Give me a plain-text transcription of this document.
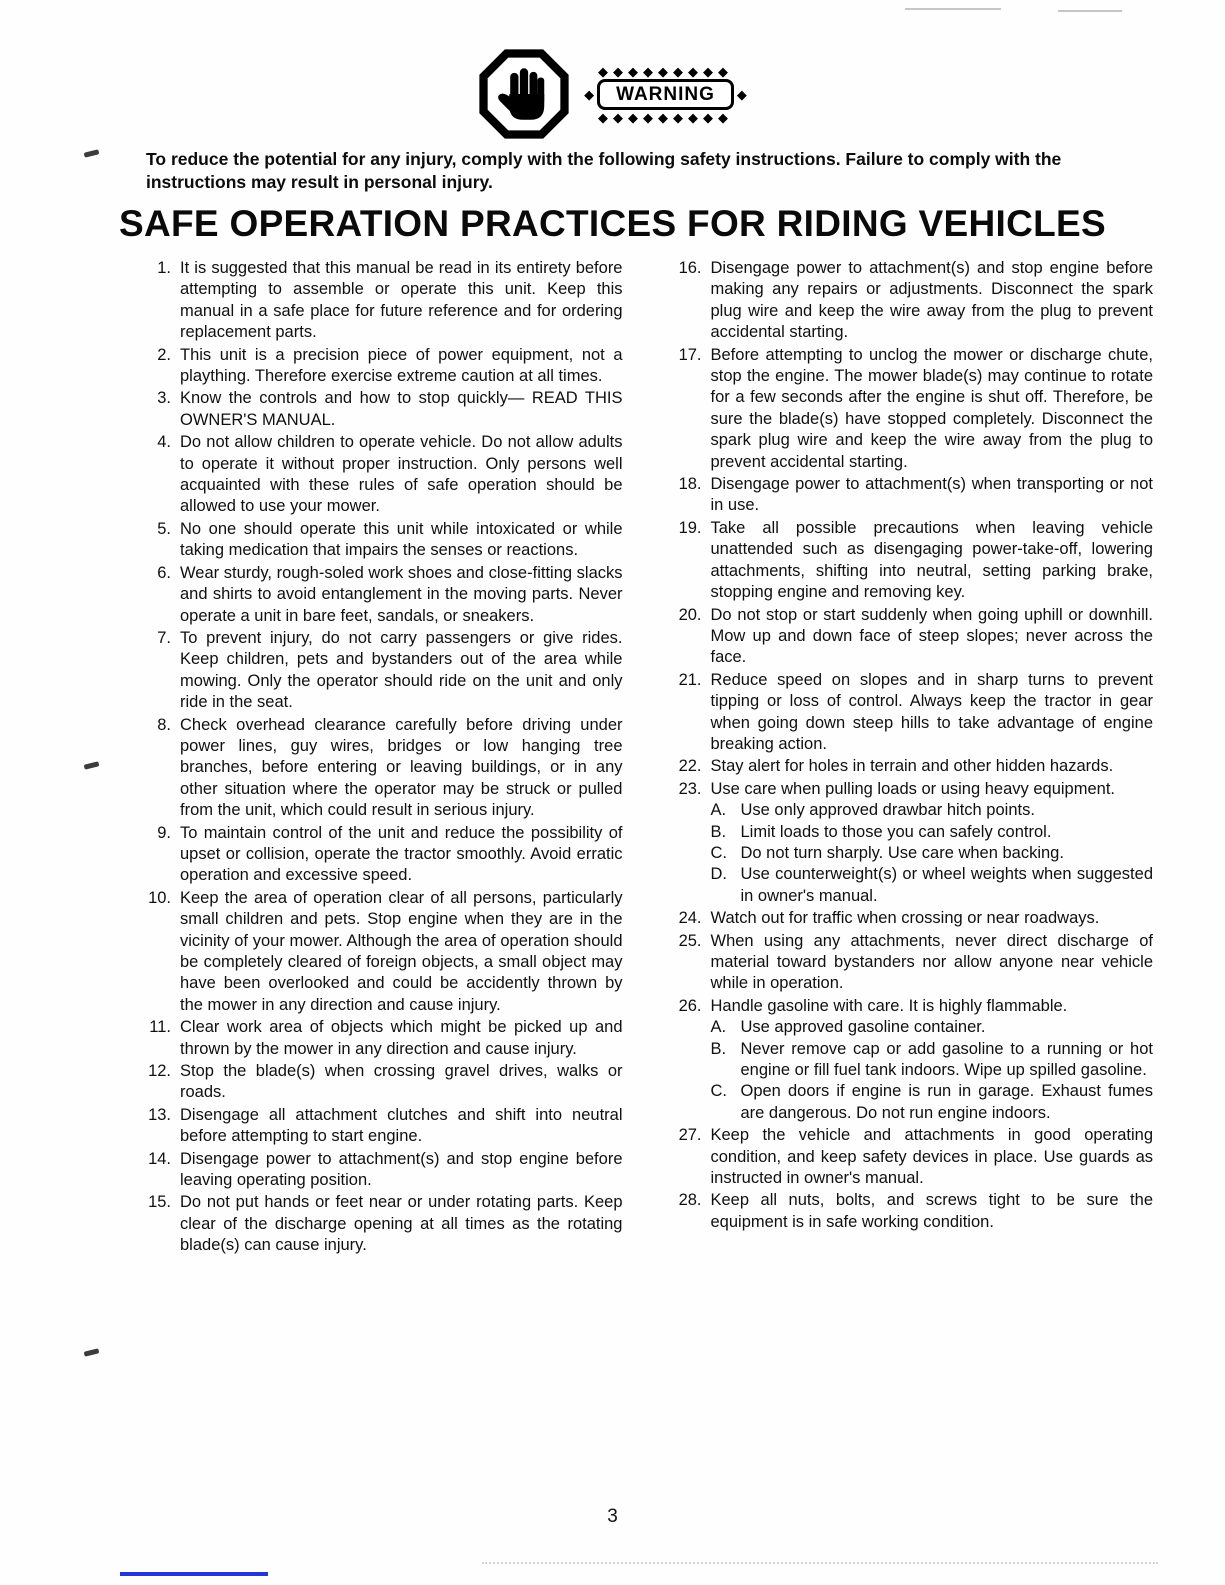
◆◆◆◆◆◆◆◆◆
◆	WARNING	◆
◆◆◆◆◆◆◆◆◆

To reduce the potential for any injury, comply with the following safety instructions. Failure to comply with the instructions may result in personal injury.

SAFE OPERATION PRACTICES FOR RIDING VEHICLES
1. It is suggested that this manual be read in its entirety before attempting to assemble or operate this unit. Keep this manual in a safe place for future reference and for ordering replacement parts.
2. This unit is a precision piece of power equipment, not a plaything. Therefore exercise extreme caution at all times.
3. Know the controls and how to stop quickly— READ THIS OWNER'S MANUAL.
4. Do not allow children to operate vehicle. Do not allow adults to operate it without proper instruction. Only persons well acquainted with these rules of safe operation should be allowed to use your mower.
5. No one should operate this unit while intoxicated or while taking medication that impairs the senses or reactions.
6. Wear sturdy, rough-soled work shoes and close-fitting slacks and shirts to avoid entanglement in the moving parts. Never operate a unit in bare feet, sandals, or sneakers.
7. To prevent injury, do not carry passengers or give rides. Keep children, pets and bystanders out of the area while mowing. Only the operator should ride on the unit and only ride in the seat.
8. Check overhead clearance carefully before driving under power lines, guy wires, bridges or low hanging tree branches, before entering or leaving buildings, or in any other situation where the operator may be struck or pulled from the unit, which could result in serious injury.
9. To maintain control of the unit and reduce the possibility of upset or collision, operate the tractor smoothly. Avoid erratic operation and excessive speed.
10. Keep the area of operation clear of all persons, particularly small children and pets. Stop engine when they are in the vicinity of your mower. Although the area of operation should be completely cleared of foreign objects, a small object may have been overlooked and could be accidently thrown by the mower in any direction and cause injury.
11. Clear work area of objects which might be picked up and thrown by the mower in any direction and cause injury.
12. Stop the blade(s) when crossing gravel drives, walks or roads.
13. Disengage all attachment clutches and shift into neutral before attempting to start engine.
14. Disengage power to attachment(s) and stop engine before leaving operating position.
15. Do not put hands or feet near or under rotating parts. Keep clear of the discharge opening at all times as the rotating blade(s) can cause injury.
16. Disengage power to attachment(s) and stop engine before making any repairs or adjustments. Disconnect the spark plug wire and keep the wire away from the plug to prevent accidental starting.
17. Before attempting to unclog the mower or discharge chute, stop the engine. The mower blade(s) may continue to rotate for a few seconds after the engine is shut off. Therefore, be sure the blade(s) have stopped completely. Disconnect the spark plug wire and keep the wire away from the plug to prevent accidental starting.
18. Disengage power to attachment(s) when transporting or not in use.
19. Take all possible precautions when leaving vehicle unattended such as disengaging power-take-off, lowering attachments, shifting into neutral, setting parking brake, stopping engine and removing key.
20. Do not stop or start suddenly when going uphill or downhill. Mow up and down face of steep slopes; never across the face.
21. Reduce speed on slopes and in sharp turns to prevent tipping or loss of control. Always keep the tractor in gear when going down steep hills to take advantage of engine breaking action.
22. Stay alert for holes in terrain and other hidden hazards.
23. Use care when pulling loads or using heavy equipment.
A. Use only approved drawbar hitch points.
B. Limit loads to those you can safely control.
C. Do not turn sharply. Use care when backing.
D. Use counterweight(s) or wheel weights when suggested in owner's manual.
24. Watch out for traffic when crossing or near roadways.
25. When using any attachments, never direct discharge of material toward bystanders nor allow anyone near vehicle while in operation.
26. Handle gasoline with care. It is highly flammable.
A. Use approved gasoline container.
B. Never remove cap or add gasoline to a running or hot engine or fill fuel tank indoors. Wipe up spilled gasoline.
C. Open doors if engine is run in garage. Exhaust fumes are dangerous. Do not run engine indoors.
27. Keep the vehicle and attachments in good operating condition, and keep safety devices in place. Use guards as instructed in owner's manual.
28. Keep all nuts, bolts, and screws tight to be sure the equipment is in safe working condition.
3
